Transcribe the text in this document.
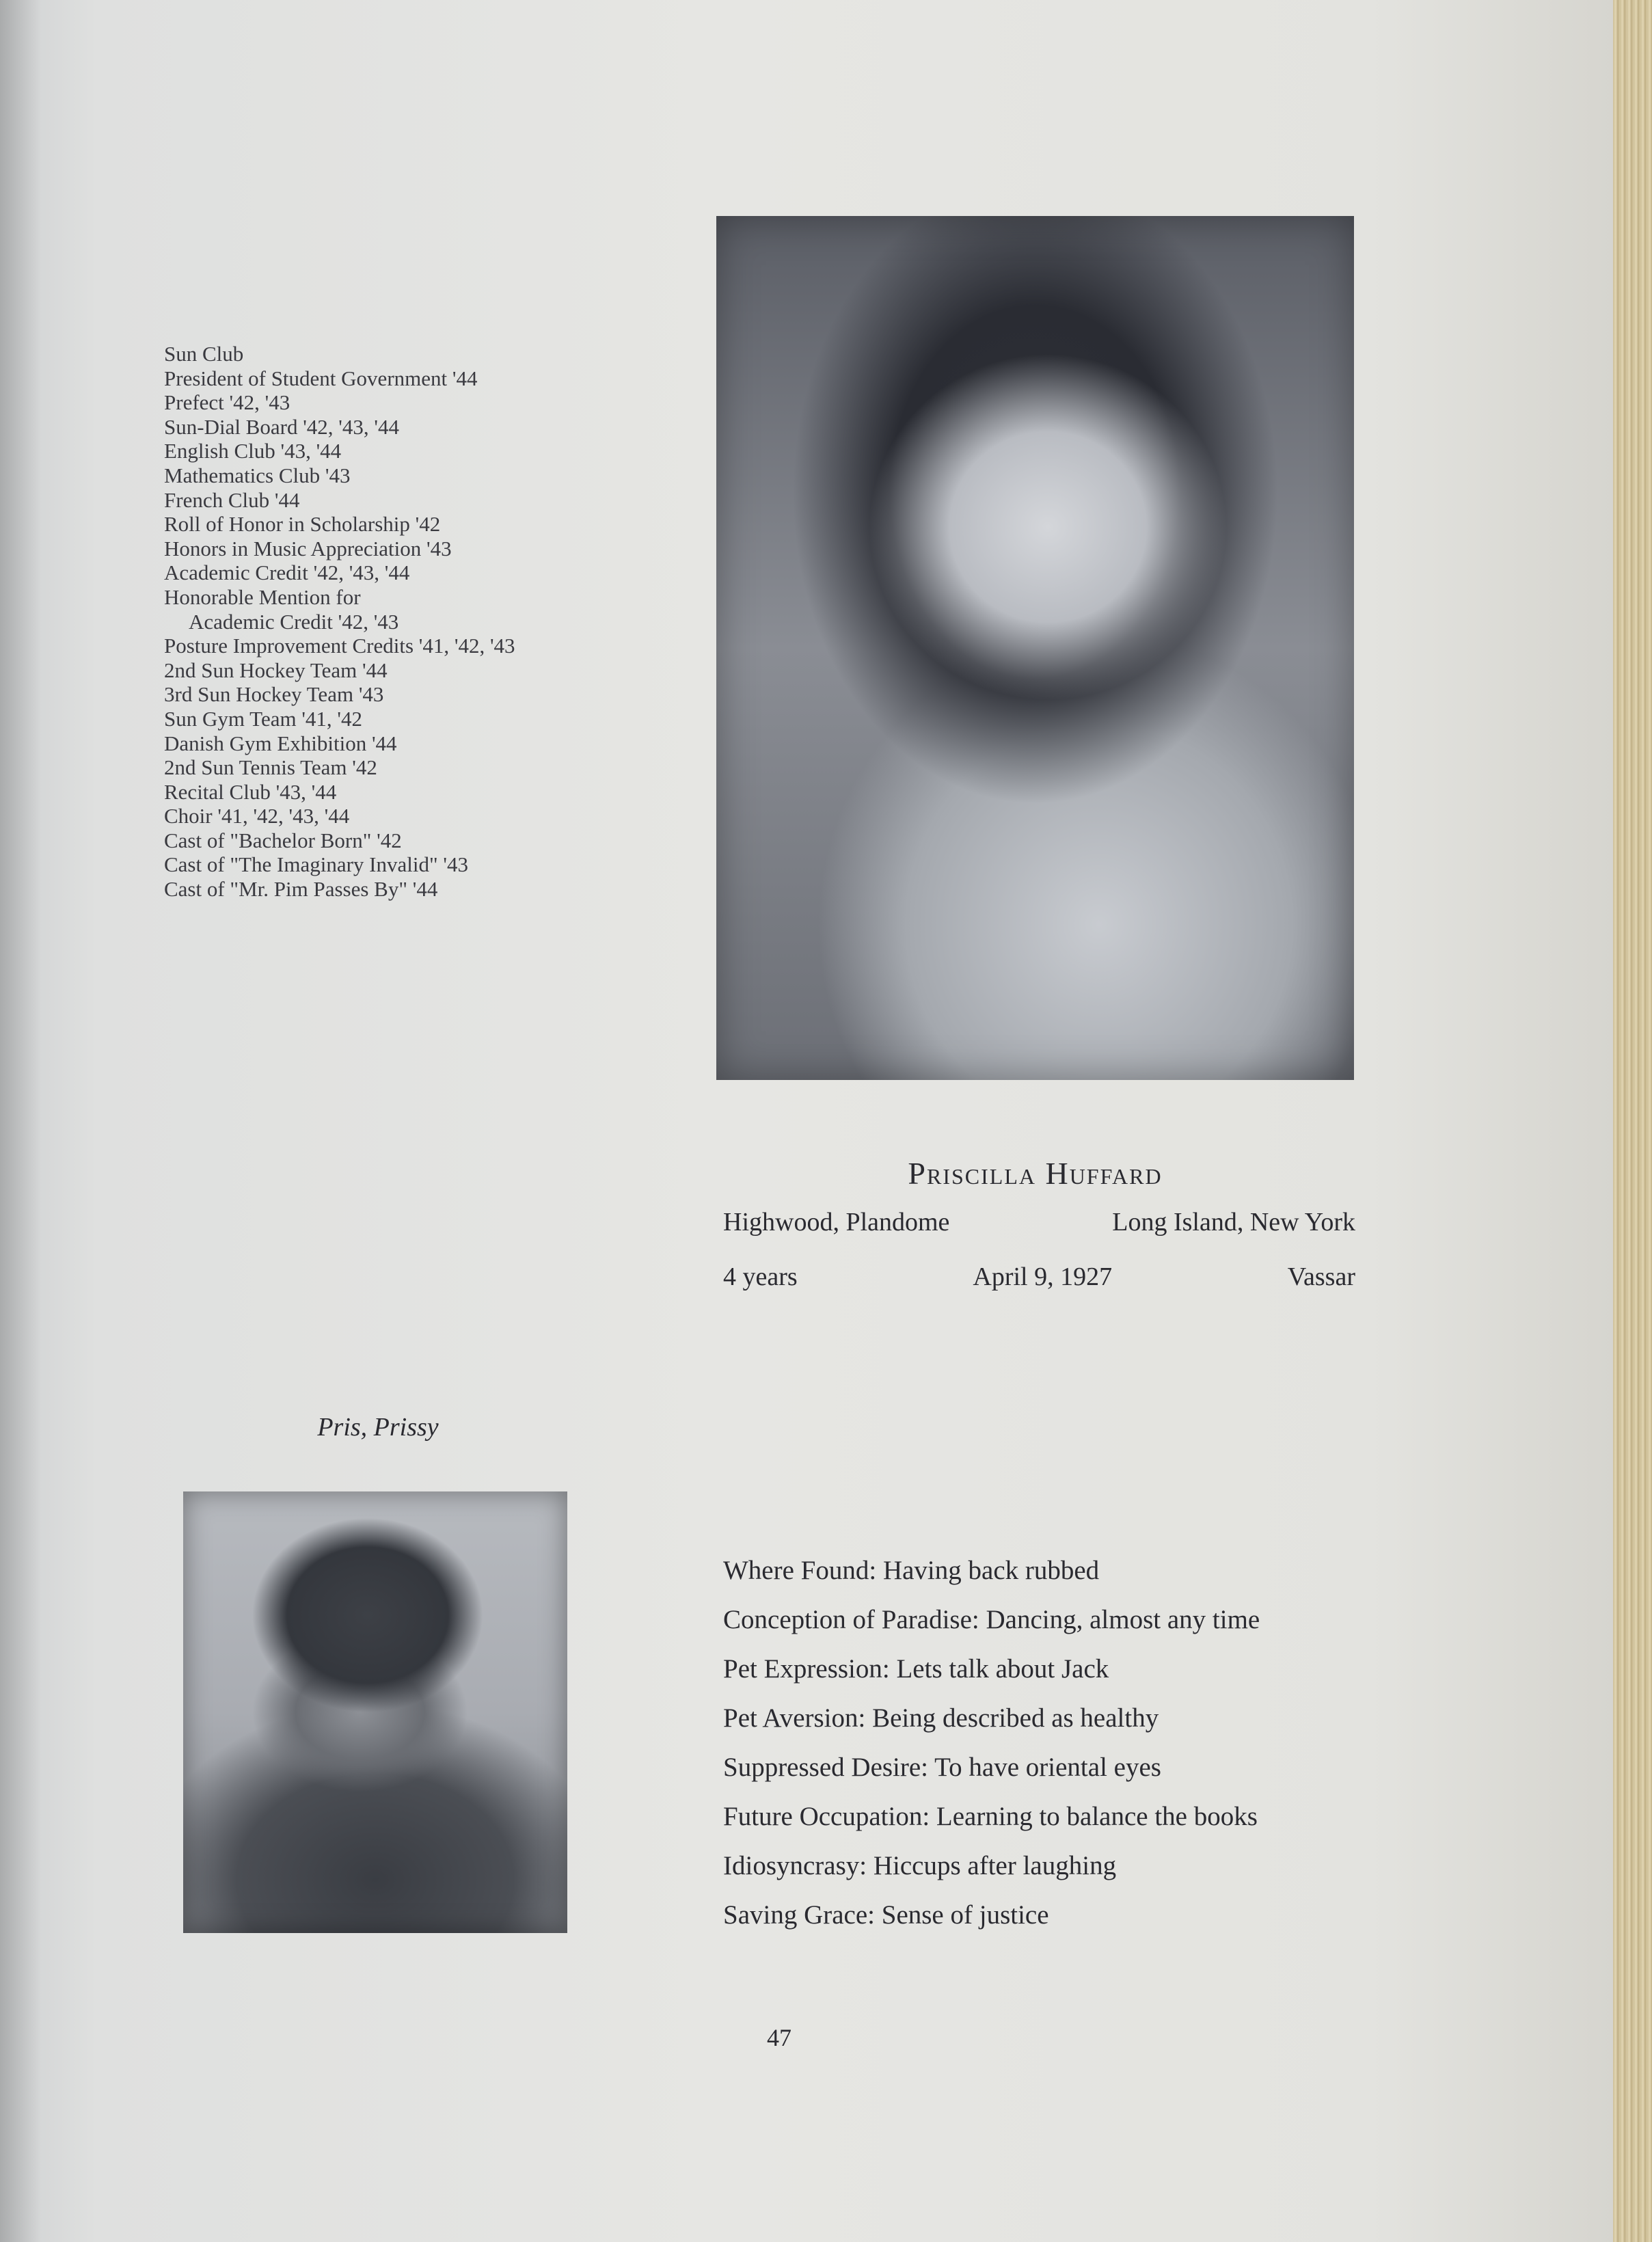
Sun Club
President of Student Government '44
Prefect '42, '43
Sun-Dial Board '42, '43, '44
English Club '43, '44
Mathematics Club '43
French Club '44
Roll of Honor in Scholarship '42
Honors in Music Appreciation '43
Academic Credit '42, '43, '44
Honorable Mention for
Academic Credit '42, '43
Posture Improvement Credits '41, '42, '43
2nd Sun Hockey Team '44
3rd Sun Hockey Team '43
Sun Gym Team '41, '42
Danish Gym Exhibition '44
2nd Sun Tennis Team '42
Recital Club '43, '44
Choir '41, '42, '43, '44
Cast of "Bachelor Born" '42
Cast of "The Imaginary Invalid" '43
Cast of "Mr. Pim Passes By" '44
Priscilla Huffard
Highwood, Plandome	Long Island, New York
4 years	April 9, 1927	Vassar
Pris, Prissy
Where Found: Having back rubbed
Conception of Paradise: Dancing, almost any time
Pet Expression: Lets talk about Jack
Pet Aversion: Being described as healthy
Suppressed Desire: To have oriental eyes
Future Occupation: Learning to balance the books
Idiosyncrasy: Hiccups after laughing
Saving Grace: Sense of justice
47
